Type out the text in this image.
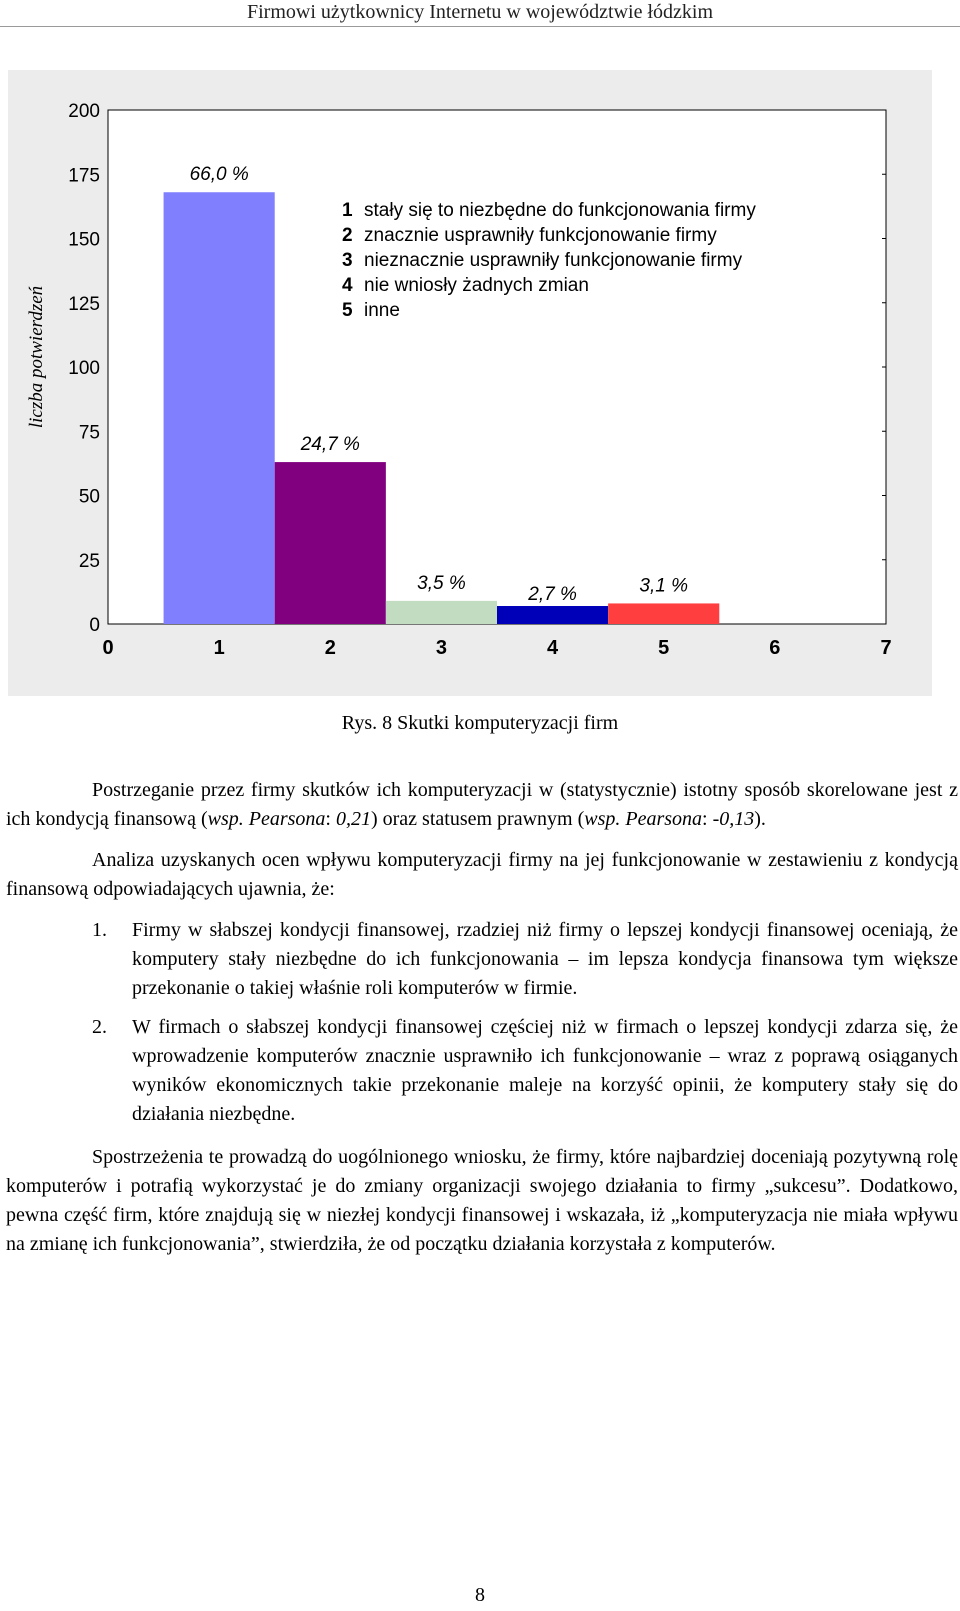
Firmowi użytkownicy Internetu w województwie łódzkim
66,0 %
24,7 %
3,5 %
2,7 %	3,1 %
0
25
50
75
100
125
150
175
200
0	1	2	3	4	5	6	7
liczba potwierdzeń
1 stały się to niezbędne do funkcjonowania firmy
2 znacznie usprawniły funkcjonowanie firmy
3 nieznacznie usprawniły funkcjonowanie firmy
4 nie wniosły żadnych zmian
5 inne
Rys. 8 Skutki komputeryzacji firm

Postrzeganie przez firmy skutków ich komputeryzacji w (statystycznie) istotny sposób skorelowane jest z ich kondycją finansową (wsp. Pearsona: 0,21) oraz statusem prawnym (wsp. Pearsona: -0,13).

Analiza uzyskanych ocen wpływu komputeryzacji firmy na jej funkcjonowanie w zestawieniu z kondycją finansową odpowiadających ujawnia, że:

1. Firmy w słabszej kondycji finansowej, rzadziej niż firmy o lepszej kondycji finansowej oceniają, że komputery stały niezbędne do ich funkcjonowania – im lepsza kondycja finansowa tym większe przekonanie o takiej właśnie roli komputerów w firmie.
2. W firmach o słabszej kondycji finansowej częściej niż w firmach o lepszej kondycji zdarza się, że wprowadzenie komputerów znacznie usprawniło ich funkcjonowanie – wraz z poprawą osiąganych wyników ekonomicznych takie przekonanie maleje na korzyść opinii, że komputery stały się do działania niezbędne.

Spostrzeżenia te prowadzą do uogólnionego wniosku, że firmy, które najbardziej doceniają pozytywną rolę komputerów i potrafią wykorzystać je do zmiany organizacji swojego działania to firmy „sukcesu”. Dodatkowo, pewna część firm, które znajdują się w niezłej kondycji finansowej i wskazała, iż „komputeryzacja nie miała wpływu na zmianę ich funkcjonowania”, stwierdziła, że od początku działania korzystała z komputerów.

8
